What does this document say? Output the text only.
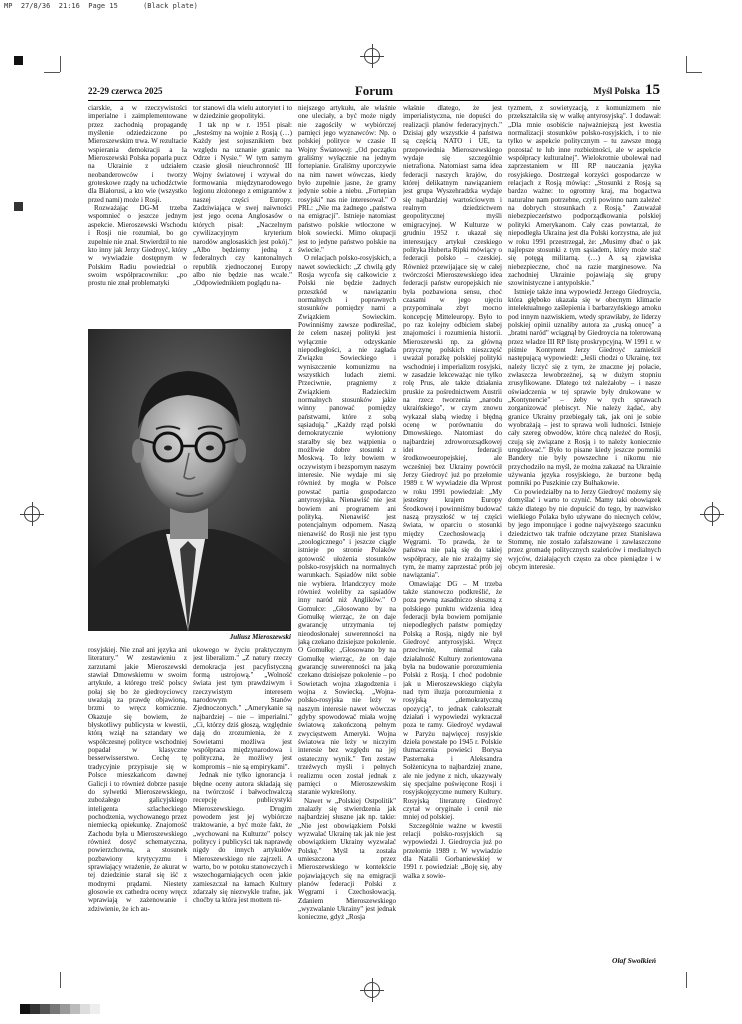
MP  27/8/36  21:16  Page 15      (Black plate)
22-29 czerwca 2025	Forum	Myśl Polska 15

ciarskie, a w rzeczywistości imperialne i zaimplementowane przez zachodnią propagandę myślenie odziedziczone po Mieroszewskim trwa. W rezultacie wspierania demokracji a la Mieroszewski Polska poparła pucz na Ukrainie z udziałem neobanderowców i tworzy groteskowe rządy na uchodźctwie dla Białorusi, a kto wie (wszystko przed nami) może i Rosji.

Rozważając DG-M trzeba wspomnieć o jeszcze jednym aspekcie. Mieroszewski Wschodu i Rosji nie rozumiał, bo go zupełnie nie znał. Stwierdził to nie kto inny jak Jerzy Giedroyć, który w wywiadzie dostępnym w Polskim Radiu powiedział o swoim współpracowniku: „po prostu nie znał problematyki

tor stanowi dla wielu autorytet i to w dziedzinie geopolityki.

I tak np w r. 1951 pisał: „Jesteśmy na wojnie z Rosją (…) Każdy jest sojusznikiem bez względu na uznanie granic na Odrze i Nysie." W tym samym czasie głosił nieuchronność III Wojny światowej i wzywał do formowania międzynarodowego legionu złożonego z emigrantów z naszej części Europy. Zadziwiająca w swej naiwności jest jego ocena Anglosasów o których pisał: „Naczelnym cywilizacyjnym kryterium narodów anglosaskich jest pokój." „Albo będziemy jedną z federalnych czy kantonalnych republik zjednoczonej Europy albo nie będzie nas wcale." „Odpowiednikiem poglądu na-

Juliusz Mieroszewski

rosyjskiej. Nie znał ani języka ani literatury." W zestawieniu z zarzutami jakie Mieroszewski stawiał Dmowskiemu w swoim artykule, a którego treść polscy połaj się bo że giedroyciowcy uważają za prawdę objawioną, brzmi to wręcz komicznie. Okazuje się bowiem, że błyskotliwy publicysta w kwestii, którą wziął na sztandary we współczesnej polityce wschodniej popadał w klasyczne besserwisserstwo. Cechę tę tradycyjnie przypisuje się w Polsce mieszkańcom dawnej Galicji i to również dobrze pasuje do sylwetki Mieroszewskiego, zubożałego galicyjskiego inteligenta szlacheckiego pochodzenia, wychowanego przez niemiecką opiekunkę. Znajomość Zachodu była u Mieroszewskiego również dosyć schematyczna, powierzchowna, a stosunek pozbawiony krytycyzmu i sprawiający wrażenie, że akurat w tej dziedzinie starał się iść z modnymi prądami. Niestety głosowie ex cathedra oceny wręcz wprawiają w zażenowanie i zdziwienie, że ich au-

ukowego w życiu praktycznym jest liberalizm." „Z natury rzeczy demokracja jest pacyfistyczną formą ustrojową." „Wolność świata jest tym prawdziwym i rzeczywistym interesem narodowym Stanów Zjednoczonych." „Amerykanie są najbardziej – nie – imperialni." „Ci, którzy dziś głoszą, względnie dają do zrozumienia, że z Sowietami możliwa jest współpraca międzynarodowa i polityczna, że możliwy jest kompromis – nie są empirykami".

Jednak nie tylko ignorancja i błędne oceny autora składają się na twórczość i bałwochwalczą recepcję publicystyki Mieroszewskiego. Drugim powodem jest jej wybiórcze traktowanie, a być może fakt, że „wychowani na Kulturze" polscy politycy i publicyści tak naprawdę nigdy do innych artykułów Mieroszewskiego nie zajrzeli. A warto, bo w potoku stanowczych i wszechogarniających ocen jakie zamieszczał na łamach Kultury zdarzały się niezwykle trafne, jak choćby ta która jest mottem ni-

niejszego artykułu, ale właśnie one uleciały, a być może nigdy nie zagościły w wybiórczej pamięci jego wyznawców: Np. o polskiej polityce w czasie II Wojny Światowej: „Od początku graliśmy wyłącznie na jednym fortepianie. Graliśmy uporczywie na nim nawet wówczas, kiedy było zupełnie jasne, że gramy jedynie sobie a niebu. „Fortepian rosyjski" nas nie interesował." O PRL: „Nie ma żadnego „państwa na emigracji". Istnieje natomiast państwo polskie wtłoczone w blok sowiecki. Mimo okupacji jest to jedyne państwo polskie na świecie."

O relacjach polsko-rosyjskich, a nawet sowieckich: „Z chwilą gdy Rosja wycofa się całkowicie z Polski nie będzie żadnych przeszkód w nawiązaniu normalnych i poprawnych stosunków pomiędzy nami a Związkiem Sowieckim. Powinniśmy zawsze podkreślać, że celem naszej polityki jest wyłącznie odzyskanie niepodległości, a nie zagłada Związku Sowieckiego i wyniszczenie komunizmu na wszystkich ludach ziemi. Przeciwnie, pragniemy z Związkiem Radzieckim normalnych stosunków jakie winny panować pomiędzy państwami, które z sobą sąsiadują." „Każdy rząd polski demokratycznie wyłoniony starałby się bez wątpienia o możliwie dobre stosunki z Moskwą. To leży bowiem w oczywistym i bezspornym naszym interesie. Nie wydaje mi się również by mogła w Polsce powstać partia gospodarczo antyrosyjska. Nienawiść nie jest bowiem ani programem ani polityką. Nienawiść jest potencjalnym odpornem. Naszą nienawiść do Rosji nie jest typu „zoologicznego" i jeszcze ciągle istnieje po stronie Polaków gotowość ułożenia stosunków polsko-rosyjskich na normalnych warunkach. Sąsiadów nikt sobie nie wybiera. Irlandczycy może również woleliby za sąsiadów inny naród niż Anglików." O Gomułce: „Głosowano by na Gomułkę wierząc, że on daje gwarancję utrzymania tej nieodosłonałej suwerenności na jaką czekano dzisiejsze pokolenie. O Gomułkę: „Głosowano by na Gomułkę wierząc, że on daje gwarancję suwerenności na jaką czekano dzisiejsze pokolenie – po Sowietach wojna złagodzenia i wojna z Sowiecką. „Wojna-polsko-rosyjska nie leży w naszym interesie nawet wówczas gdyby spowodować miała wojnę światową zakończoną pełnym zwycięstwem Ameryki. Wojna światowa nie leży w niczyim interesie bez względu na jej ostateczny wynik." Ten zestaw trzeźwych myśli i pełnych realizmu ocen został jednak z pamięci o Mieroszewskim staranie wykreślony.

Nawet w „Polskiej Ostpolitik" znalazły się stwierdzenia jak najbardziej słuszne jak np. takie: „Nie jest obowiązkiem Polski wyzwalać Ukrainę tak jak nie jest obowiązkiem Ukrainy wyzwalać Polskę." Myśl ta została umieszczona przez Mieroszewskiego w kontekście pojawiających się na emigracji planów federacji Polski z Węgrami i Czechosłowacją. Zdaniem Mieroszewskiego „wyzwalanie Ukrainy" jest jednak konieczne, gdyż „Rosja

właśnie dlatego, że jest imperialistyczna, nie dopuści do realizacji planów federacyjnych." Dzisiaj gdy wszystkie 4 państwa są częścią NATO i UE, ta przepowiednia Mieroszewskiego wydaje się szczególnie nietrafiona. Natomiast sama idea federacji naszych krajów, do której delikatnym nawiązaniem jest grupa Wyszehradzka wydaje się najbardziej wartościowym i realnym dziedzictwem geopolitycznej myśli emigracyjnej. W Kulturze w grudniu 1952 r. ukazał się interesujący artykuł czeskiego polityka Huberta Ripki mówiący o federacji polsko – czeskiej. Również przewijające się w całej twórczości Mieroszewskiego idea federacji państw europejskich nie była pozbawiona sensu, choć czasami w jego ujęciu przypominała zbyt mocno koncepcję Mitteleuropy. Było to po raz kolejny odbiciem słabej znajomości i rozumienia historii. Mieroszewski np. za główną przyczynę polskich nieszczęść uważał porażkę polskiej polityki wschodniej i imperializm rosyjski, w zasadzie lekceważąc nie tylko rolę Prus, ale także działania pruskie za pośrednictwem Austrii na rzecz tworzenia „narodu ukraińskiego", w czym znowu wykazał słabą wiedzę i błędną ocenę w porównaniu do Dmowskiego. Natomiast do najbardziej zdroworozsądkowej idei federacji środkowoeuropejskiej, ale wcześniej bez Ukrainy powrócił Jerzy Giedroyć już po przełomie 1989 r. W wywiadzie dla Wprost w roku 1991 powiedział: „My jesteśmy krajem Europy Środkowej i powinniśmy budować naszą przyszłość w tej części świata, w oparciu o stosunki między Czechosłowacją i Węgrami. To prawda, że te państwa nie palą się do takiej współpracy, ale nie zrażajmy się tym, że mamy zaprzestać prób jej nawiązania".

Omawiając DG – M trzeba także stanowczo podkreślić, że poza pewną zasadniczo słuszną z polskiego punktu widzenia ideą federacji była bowiem pomijanie niepodległych państw pomiędzy Polską a Rosją, nigdy nie był Giedroyć antyrosyjski. Wręcz przeciwnie, niemal cała działalność Kultury zorientowana była na budowanie porozumienia Polski z Rosją. I choć podobnie jak u Mieroszewskiego ciążyła nad tym iluzja porozumienia z rosyjską „demokratyczną opozycją", to jednak całokształt działań i wypowiedzi wykraczał poza te ramy. Giedroyć wydawał w Paryżu najwięcej rosyjskie dzieła powstałe po 1945 r. Polskie tłumaczenia powieści Borysa Pasternaka i Aleksandra Sołżenicyna to najbardziej znane, ale nie jedyne z nich, ukazywały się specjalne poświęcone Rosji i rosyjskojęzyczne numery Kultury. Rosyjską literaturę Giedroyć czytał w oryginale i cenił nie mniej od polskiej.

Szczególnie ważne w kwestii relacji polsko-rosyjskich są wypowiedzi J. Giedroycia już po przełomie 1989 r. W wywiadzie dla Natalii Gorbaniewskiej w 1991 r. powiedział: „Boję się, aby walka z sowie-

tyzmem, z sowietyzacją, z komunizmem nie przekształciła się w walkę antyrosyjską". I dodawał: „Dla mnie osobiście najważniejszą jest kwestia normalizacji stosunków polsko-rosyjskich, i to nie tylko w aspekcie politycznym – tu zawsze mogą pozostać te lub inne rozbieżności, ale w aspekcie współpracy kulturalnej". Wielokrotnie ubolewał nad zaprzestaniem w III RP nauczania języka rosyjskiego. Dostrzegał korzyści gospodarcze w relacjach z Rosją mówiąc: „Stosunki z Rosją są bardzo ważne: to ogromny kraj, ma bogactwa naturalne nam potrzebne, czyli powinno nam zależeć na dobrych stosunkach z Rosją." Zauważał niebezpieczeństwo podporządkowania polskiej polityki Amerykanom. Cały czas powtarzał, że niepodległa Ukraina jest dla Polski korzystna, ale już w roku 1991 przestrzegał, że: „Musimy dbać o jak najlepsze stosunki z tym sąsiadem, który może stać się potęgą militarną. (…) A są zjawiska niebezpieczne, choć na razie marginesowe. Na zachodniej Ukrainie pojawiają się grupy szowinistyczne i antypolskie."

Istnieje także inna wypowiedź Jerzego Giedroycia, która głęboko ukazała się w obecnym klimacie intelektualnego zaślepienia i barbarzyńskiego amoku pod innym nazwiskiem, wtedy sprawiłaby, że liderzy polskiej opinii uznaliby autora za „ruską onucę" a „bratni naród" wciągnął by Giedroycia na tolerowaną przez władze III RP listę proskrypcyjną. W 1991 r. w piśmie Kontynent Jerzy Giedroyć zamieścił następującą wypowiedź: „Jeśli chodzi o Ukrainę, tez należy liczyć się z tym, że znaczne jej połacie, zwłaszcza lewobrzeżnej, są w dużym stopniu zrusyfikowane. Dlatego też należałoby – i nasze oświadczenia w tej sprawie były drukowane w „Kontynencie" – żeby w tych sprawach zorganizować plebiscyt. Nie należy żądać, aby granice Ukrainy przebiegały tak, jak oni je sobie wyobrażają – jest to sprawa woli ludności. Istnieje cały szereg obwodów, które chcą należeć do Rosji, czują się związane z Rosją i to należy koniecznie uregulować." Było to pisane kiedy jeszcze pomniki Bandery nie były powszechne i nikomu nie przychodziło na myśl, że można zakazać na Ukrainie używania języka rosyjskiego, że burzone będą pomniki po Puszkinie czy Bułhakowie.

Co powiedziałby na to Jerzy Giedroyć możemy się domyślać i warto to czynić. Mamy taki obowiązek także dlatego by nie dopuścić do tego, by nazwisko wielkiego Polaka było używane do niecnych celów, by jego imponujące i godne najwyższego szacunku dziedzictwo tak trafnie odczytane przez Stanisława Stommę, nie zostało zafałszowane i zawłaszczone przez gromadę politycznych szaleńców i medialnych wyjców, działających często za obce pieniądze i w obcym interesie.

Olaf Swolkień
